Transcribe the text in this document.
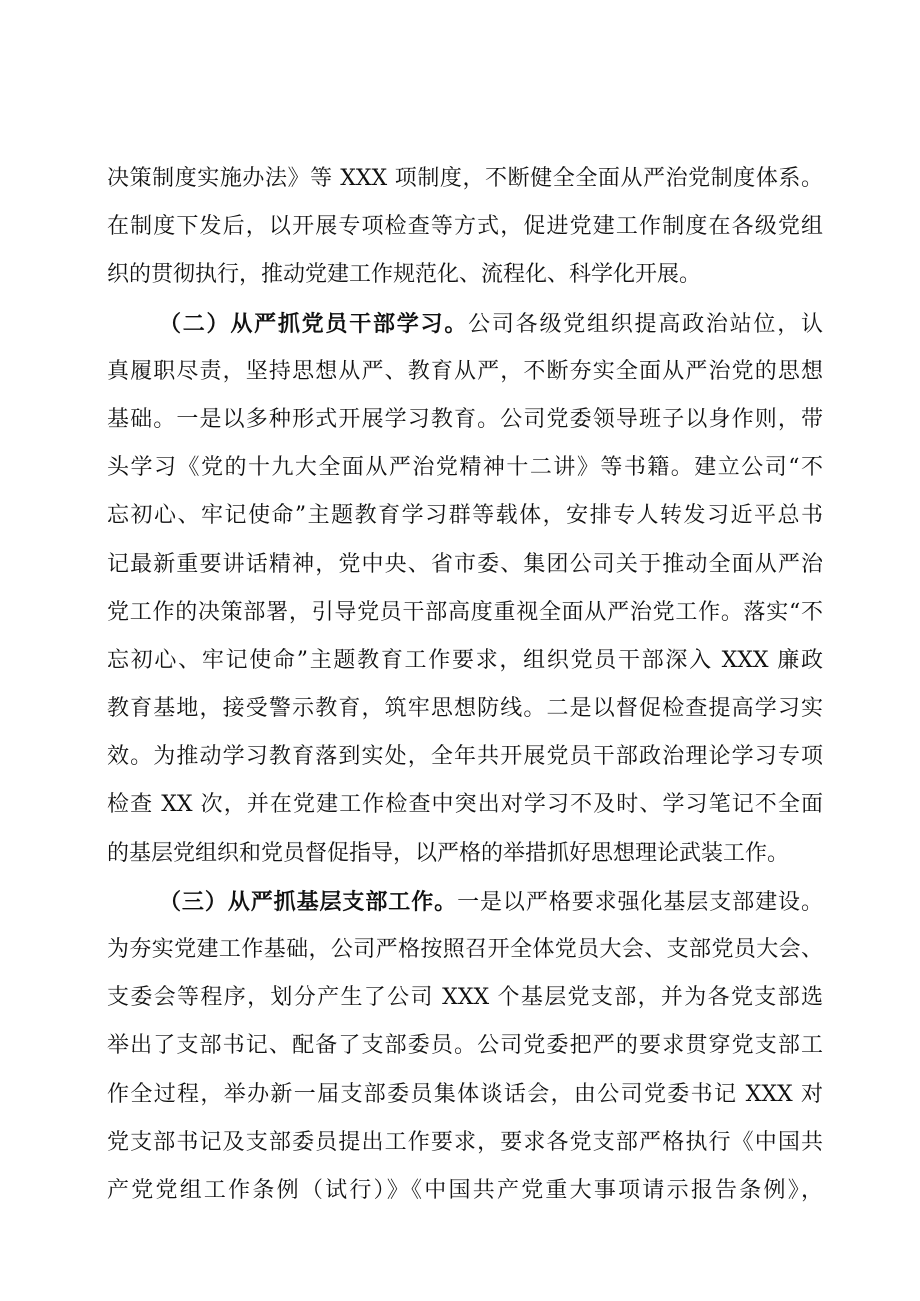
决策制度实施办法》等 XXX 项制度，不断健全全面从严治党制度体系。
在制度下发后，以开展专项检查等方式，促进党建工作制度在各级党组
织的贯彻执行，推动党建工作规范化、流程化、科学化开展。
（二）从严抓党员干部学习。公司各级党组织提高政治站位，认
真履职尽责，坚持思想从严、教育从严，不断夯实全面从严治党的思想
基础。一是以多种形式开展学习教育。公司党委领导班子以身作则，带
头学习《党的十九大全面从严治党精神十二讲》等书籍。建立公司“不
忘初心、牢记使命”主题教育学习群等载体，安排专人转发习近平总书
记最新重要讲话精神，党中央、省市委、集团公司关于推动全面从严治
党工作的决策部署，引导党员干部高度重视全面从严治党工作。落实“不
忘初心、牢记使命”主题教育工作要求，组织党员干部深入 XXX 廉政
教育基地，接受警示教育，筑牢思想防线。二是以督促检查提高学习实
效。为推动学习教育落到实处，全年共开展党员干部政治理论学习专项
检查 XX 次，并在党建工作检查中突出对学习不及时、学习笔记不全面
的基层党组织和党员督促指导，以严格的举措抓好思想理论武装工作。
（三）从严抓基层支部工作。一是以严格要求强化基层支部建设。
为夯实党建工作基础，公司严格按照召开全体党员大会、支部党员大会、
支委会等程序，划分产生了公司 XXX 个基层党支部，并为各党支部选
举出了支部书记、配备了支部委员。公司党委把严的要求贯穿党支部工
作全过程，举办新一届支部委员集体谈话会，由公司党委书记 XXX 对
党支部书记及支部委员提出工作要求，要求各党支部严格执行《中国共
产党党组工作条例（试行）》《中国共产党重大事项请示报告条例》，
